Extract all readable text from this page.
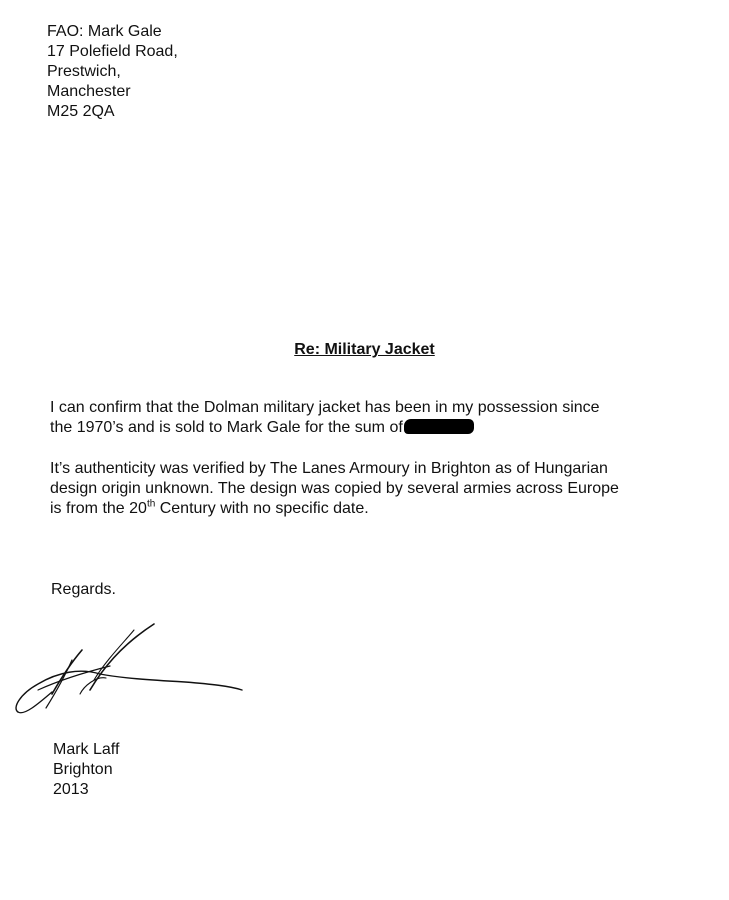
FAO: Mark Gale
17 Polefield Road,
Prestwich,
Manchester
M25 2QA
Re: Military Jacket
I can confirm that the Dolman military jacket has been in my possession since
the 1970’s and is sold to Mark Gale for the sum of
It’s authenticity was verified by The Lanes Armoury in Brighton as of Hungarian
design origin unknown. The design was copied by several armies across Europe
is from the 20th Century with no specific date.
Regards.
Mark Laff
Brighton
2013
